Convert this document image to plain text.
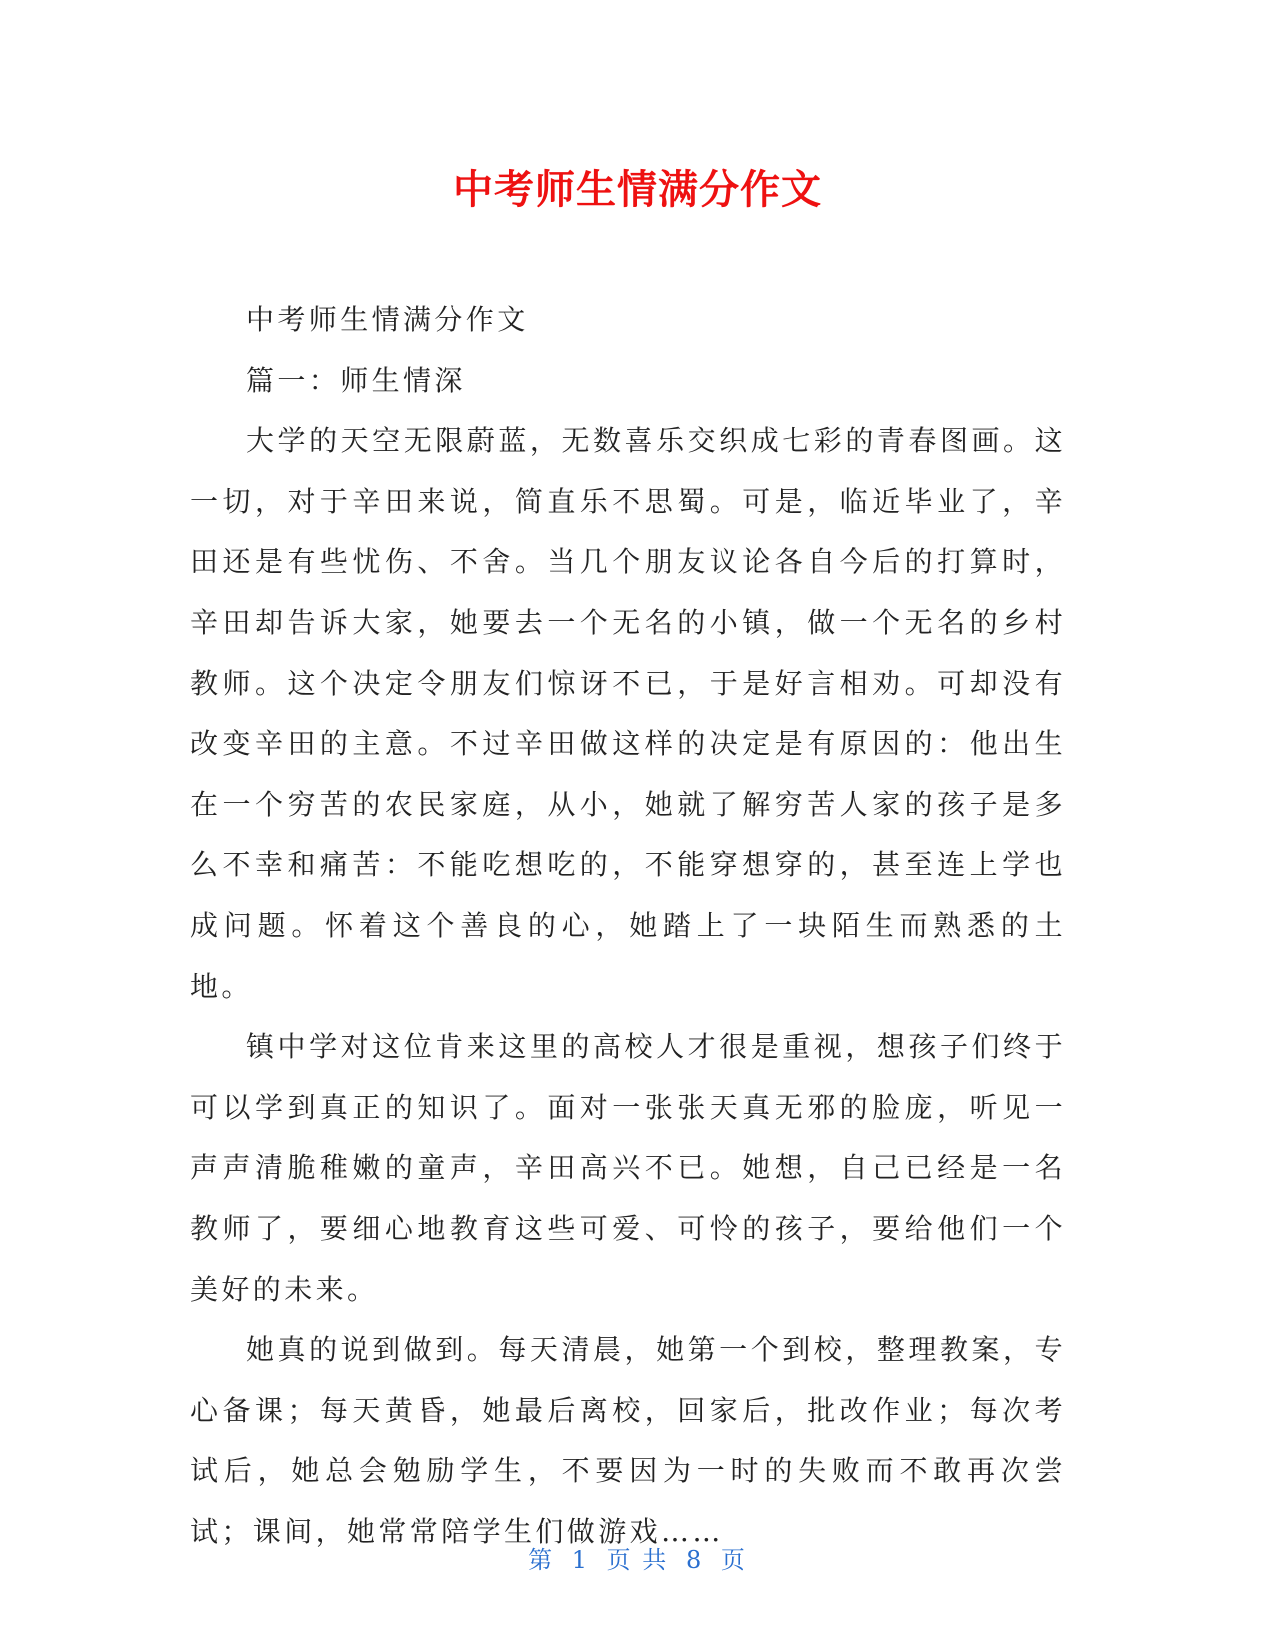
中考师生情满分作文

中考师生情满分作文

篇一：师生情深

大学的天空无限蔚蓝，无数喜乐交织成七彩的青春图画。这一切，对于辛田来说，简直乐不思蜀。可是，临近毕业了，辛田还是有些忧伤、不舍。当几个朋友议论各自今后的打算时，辛田却告诉大家，她要去一个无名的小镇，做一个无名的乡村教师。这个决定令朋友们惊讶不已，于是好言相劝。可却没有改变辛田的主意。不过辛田做这样的决定是有原因的：他出生在一个穷苦的农民家庭，从小，她就了解穷苦人家的孩子是多么不幸和痛苦：不能吃想吃的，不能穿想穿的，甚至连上学也成问题。怀着这个善良的心，她踏上了一块陌生而熟悉的土地。

镇中学对这位肯来这里的高校人才很是重视，想孩子们终于可以学到真正的知识了。面对一张张天真无邪的脸庞，听见一声声清脆稚嫩的童声，辛田高兴不已。她想，自己已经是一名教师了，要细心地教育这些可爱、可怜的孩子，要给他们一个美好的未来。

她真的说到做到。每天清晨，她第一个到校，整理教案，专心备课；每天黄昏，她最后离校，回家后，批改作业；每次考试后，她总会勉励学生，不要因为一时的失败而不敢再次尝试；课间，她常常陪学生们做游戏……

第 1 页 共 8 页
